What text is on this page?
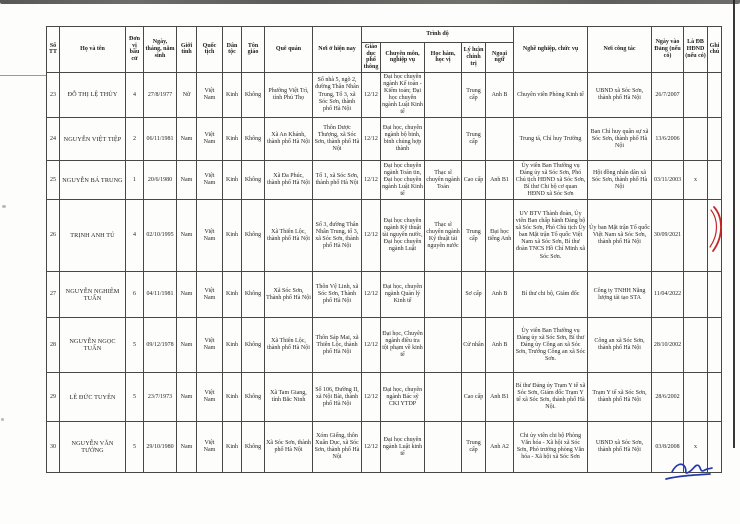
Số TT	Họ và tên	Đơn vị bầu cử	Ngày, tháng, năm sinh	Giới tính	Quốc tịch	Dân tộc	Tôn giáo	Quê quán	Nơi ở hiện nay	Trình độ					Nghề nghiệp, chức vụ	Nơi công tác	Ngày vào Đảng (nếu có)	Là ĐB HĐND (nếu có)	Ghi chú
										Giáo dục phổ thông	Chuyên môn, nghiệp vụ	Học hàm, học vị	Lý luận chính trị	Ngoại ngữ					
23	ĐỖ THỊ LỆ THỦY	4	27/8/1977	Nữ	Việt Nam	Kinh	Không	Phường Việt Trì, tỉnh Phú Thọ	Số nhà 5, ngõ 2, đường Thân Nhân Trung, Tổ 3, xã Sóc Sơn, thành phố Hà Nội	12/12	Đại học chuyên ngành Kế toán - Kiểm toán; Đại học chuyên ngành Luật Kinh tế		Trung cấp	Anh B	Chuyên viên Phòng Kinh tế	UBND xã Sóc Sơn, thành phố Hà Nội	26/7/2007		
24	NGUYỄN VIỆT TIỆP	2	06/11/1981	Nam	Việt Nam	Kinh	Không	Xã An Khánh, thành phố Hà Nội	Thôn Dược Thượng, xã Sóc Sơn, thành phố Hà Nội	12/12	Đại học, chuyên ngành bộ binh, binh chủng hợp thành		Trung cấp		Trung tá, Chỉ huy Trưởng	Ban Chỉ huy quân sự xã Sóc Sơn, thành phố Hà Nội	13/6/2006		
25	NGUYỄN BÁ TRUNG	1	20/6/1980	Nam	Việt Nam	Kinh	Không	Xã Đa Phúc, thành phố Hà Nội	Tổ 1, xã Sóc Sơn, thành phố Hà Nội	12/12	Đại học chuyên ngành Toán tin, Đại học chuyên ngành Luật Kinh tế	Thạc sĩ chuyên ngành Toán	Cao cấp	Anh B1	Ủy viên Ban Thường vụ Đảng ủy xã Sóc Sơn, Phó Chủ tịch HĐND xã Sóc Sơn, Bí thư Chi bộ cơ quan HĐND xã Sóc Sơn	Hội đồng nhân dân xã Sóc Sơn, thành phố Hà Nội	03/11/2003	x	
26	TRỊNH ANH TÚ	4	02/10/1995	Nam	Việt Nam	Kinh	Không	Xã Thiên Lộc, thành phố Hà Nội	Số 3, đường Thân Nhân Trung, tổ 3, xã Sóc Sơn, thành phố Hà Nội	12/12	Đại học chuyên ngành Kỹ thuật tài nguyên nước, Đại học chuyên ngành Luật	Thạc sĩ chuyên ngành Kỹ thuật tài nguyên nước	Trung cấp	Đại học tiếng Anh	UV BTV Thành đoàn, Ủy viên Ban chấp hành Đảng bộ xã Sóc Sơn, Phó Chủ tịch Ủy ban Mặt trận Tổ quốc Việt Nam xã Sóc Sơn, Bí thư đoàn TNCS Hồ Chí Minh xã Sóc Sơn.	Ủy ban Mặt trận Tổ quốc Việt Nam xã Sóc Sơn, thành phố Hà Nội	30/09/2021		
27	NGUYỄN NGHIÊM TUẤN	6	04/11/1981	Nam	Việt Nam	Kinh	Không	Xã Sóc Sơn, Thành phố Hà Nội	Thôn Vệ Linh, xã Sóc Sơn, Thành phố Hà Nội	12/12	Đại học, chuyên ngành Quản lý Kinh tế		Sơ cấp	Anh B	Bí thư chi bộ, Giám đốc	Công ty TNHH Năng lượng tái tạo STA	11/04/2022		
28	NGUYỄN NGỌC TUẤN	5	09/12/1978	Nam	Việt Nam	Kinh	Không	Xã Thiên Lộc, thành phố Hà Nội	Thôn Sáp Mai, xã Thiên Lộc, thành phố Hà Nội	12/12	Đại học, Chuyên ngành điều tra tội phạm về kinh tế		Cử nhân	Anh B	Ủy viên Ban Thường vụ Đảng ủy xã Sóc Sơn, Bí thư Đảng ủy Công an xã Sóc Sơn, Trưởng Công an xã Sóc Sơn.	Công an xã Sóc Sơn, thành phố Hà Nội	28/10/2002		
29	LÊ ĐỨC TUYÊN	5	23/7/1973	Nam	Việt Nam	Kinh	Không	Xã Tam Giang, tỉnh Bắc Ninh	Số 106, Đường II, xã Nội Bài, thành phố Hà Nội	12/12	Đại học, chuyên ngành Bác sỹ CKI YTDP		Cao cấp	Anh B1	Bí thư Đảng ủy Trạm Y tế xã Sóc Sơn, Giám đốc Trạm Y tế xã Sóc Sơn, thành phố Hà Nội.	Trạm Y tế xã Sóc Sơn, thành phố Hà Nội	28/6/2002		
30	NGUYỄN VĂN TƯỞNG	5	29/10/1980	Nam	Việt Nam	Kinh	Không	Xã Sóc Sơn, thành phố Hà Nội	Xóm Giếng, thôn Xuân Dục, xã Sóc Sơn, thành phố Hà Nội	12/12	Đại học chuyên ngành Luật kinh tế		Trung cấp	Anh A2	Chi ủy viên chi bộ Phòng Văn hóa - Xã hội xã Sóc Sơn, Phó trưởng phòng Văn hóa - Xã hội xã Sóc Sơn	UBND xã Sóc Sơn, thành phố Hà Nội	03/8/2008	x	
